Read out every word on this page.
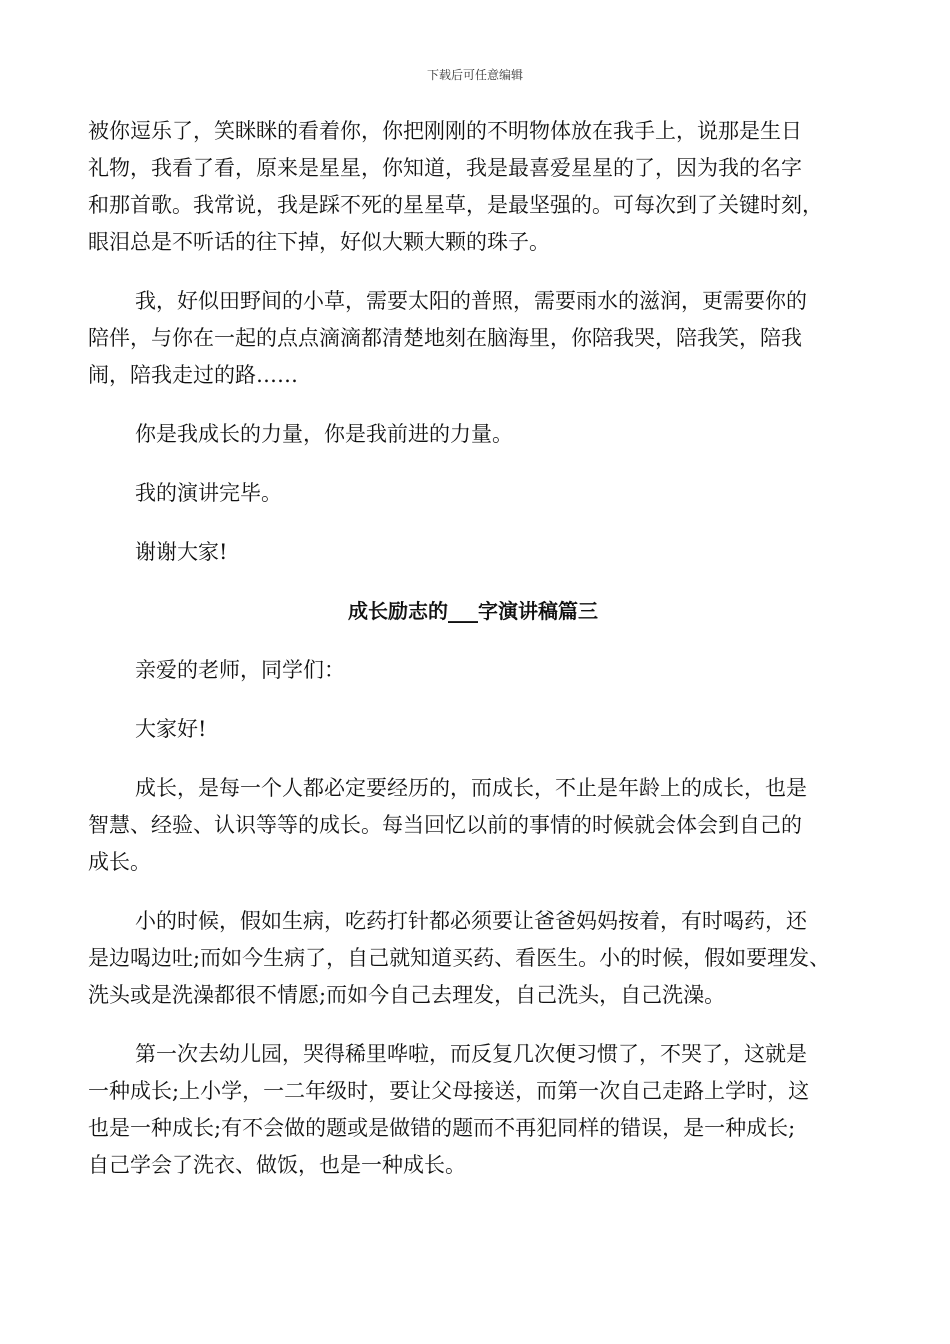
下载后可任意编辑
被你逗乐了，笑眯眯的看着你，你把刚刚的不明物体放在我手上，说那是生日
礼物，我看了看，原来是星星，你知道，我是最喜爱星星的了，因为我的名字
和那首歌。我常说，我是踩不死的星星草，是最坚强的。可每次到了关键时刻，
眼泪总是不听话的往下掉，好似大颗大颗的珠子。
我，好似田野间的小草，需要太阳的普照，需要雨水的滋润，更需要你的
陪伴，与你在一起的点点滴滴都清楚地刻在脑海里，你陪我哭，陪我笑，陪我
闹，陪我走过的路……
你是我成长的力量，你是我前进的力量。
我的演讲完毕。
谢谢大家!
成长励志的___字演讲稿篇三
亲爱的老师，同学们：
大家好!
成长，是每一个人都必定要经历的，而成长，不止是年龄上的成长，也是
智慧、经验、认识等等的成长。每当回忆以前的事情的时候就会体会到自己的
成长。
小的时候，假如生病，吃药打针都必须要让爸爸妈妈按着，有时喝药，还
是边喝边吐;而如今生病了，自己就知道买药、看医生。小的时候，假如要理发、
洗头或是洗澡都很不情愿;而如今自己去理发，自己洗头，自己洗澡。
第一次去幼儿园，哭得稀里哗啦，而反复几次便习惯了，不哭了，这就是
一种成长;上小学，一二年级时，要让父母接送，而第一次自己走路上学时，这
也是一种成长;有不会做的题或是做错的题而不再犯同样的错误，是一种成长;
自己学会了洗衣、做饭，也是一种成长。
